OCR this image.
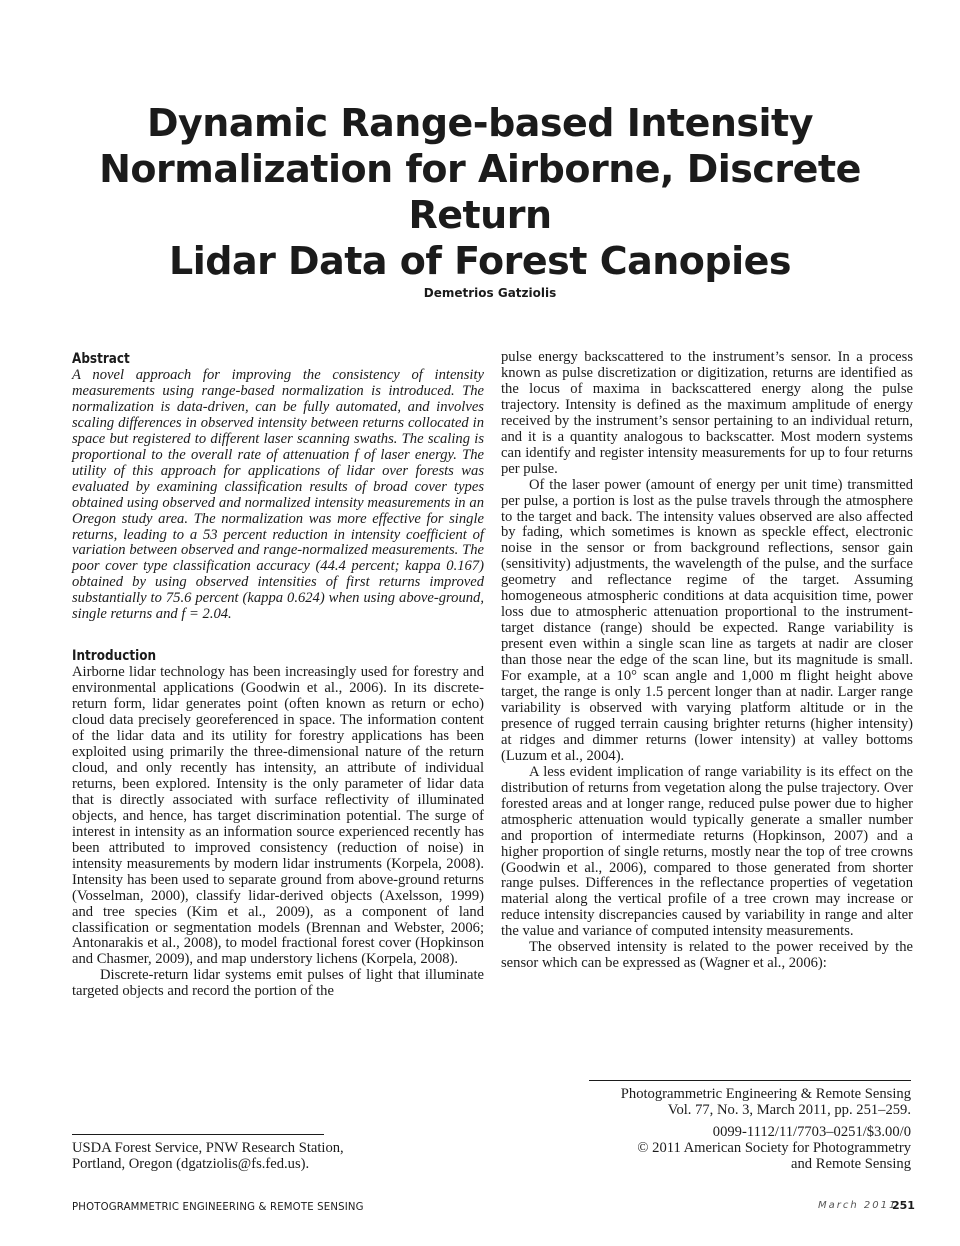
Dynamic Range-based Intensity
Normalization for Airborne, Discrete Return
Lidar Data of Forest Canopies

Demetrios Gatziolis

Abstract

A novel approach for improving the consistency of intensity measurements using range-based normalization is introduced. The normalization is data-driven, can be fully automated, and involves scaling differences in observed intensity between returns collocated in space but registered to different laser scanning swaths. The scaling is proportional to the overall rate of attenuation f of laser energy. The utility of this approach for applications of lidar over forests was evaluated by examining classification results of broad cover types obtained using observed and normalized intensity measurements in an Oregon study area. The normalization was more effective for single returns, leading to a 53 percent reduction in intensity coefficient of variation between observed and range-normalized measurements. The poor cover type classification accuracy (44.4 percent; kappa 0.167) obtained by using observed intensities of first returns improved substantially to 75.6 percent (kappa 0.624) when using above-ground, single returns and f = 2.04.

Introduction

Airborne lidar technology has been increasingly used for forestry and environmental applications (Goodwin et al., 2006). In its discrete-return form, lidar generates point (often known as return or echo) cloud data precisely georeferenced in space. The information content of the lidar data and its utility for forestry applications has been exploited using primarily the three-dimensional nature of the return cloud, and only recently has intensity, an attribute of individual returns, been explored. Intensity is the only parameter of lidar data that is directly associated with surface reflectivity of illuminated objects, and hence, has target discrimination potential. The surge of interest in intensity as an information source experienced recently has been attributed to improved consistency (reduction of noise) in intensity measurements by modern lidar instruments (Korpela, 2008). Intensity has been used to separate ground from above-ground returns (Vosselman, 2000), classify lidar-derived objects (Axelsson, 1999) and tree species (Kim et al., 2009), as a component of land classification or segmentation models (Brennan and Webster, 2006; Antonarakis et al., 2008), to model fractional forest cover (Hopkinson and Chasmer, 2009), and map understory lichens (Korpela, 2008).

Discrete-return lidar systems emit pulses of light that illuminate targeted objects and record the portion of the

pulse energy backscattered to the instrument’s sensor. In a process known as pulse discretization or digitization, returns are identified as the locus of maxima in backscattered energy along the pulse trajectory. Intensity is defined as the maximum amplitude of energy received by the instrument’s sensor pertaining to an individual return, and it is a quantity analogous to backscatter. Most modern systems can identify and register intensity measurements for up to four returns per pulse.

Of the laser power (amount of energy per unit time) transmitted per pulse, a portion is lost as the pulse travels through the atmosphere to the target and back. The intensity values observed are also affected by fading, which sometimes is known as speckle effect, electronic noise in the sensor or from background reflections, sensor gain (sensitivity) adjustments, the wavelength of the pulse, and the surface geometry and reflectance regime of the target. Assuming homogeneous atmospheric conditions at data acquisition time, power loss due to atmospheric attenuation proportional to the instrument-target distance (range) should be expected. Range variability is present even within a single scan line as targets at nadir are closer than those near the edge of the scan line, but its magnitude is small. For example, at a 10° scan angle and 1,000 m flight height above target, the range is only 1.5 percent longer than at nadir. Larger range variability is observed with varying platform altitude or in the presence of rugged terrain causing brighter returns (higher intensity) at ridges and dimmer returns (lower intensity) at valley bottoms (Luzum et al., 2004).

A less evident implication of range variability is its effect on the distribution of returns from vegetation along the pulse trajectory. Over forested areas and at longer range, reduced pulse power due to higher atmospheric attenuation would typically generate a smaller number and proportion of intermediate returns (Hopkinson, 2007) and a higher proportion of single returns, mostly near the top of tree crowns (Goodwin et al., 2006), compared to those generated from shorter range pulses. Differences in the reflectance properties of vegetation material along the vertical profile of a tree crown may increase or reduce intensity discrepancies caused by variability in range and alter the value and variance of computed intensity measurements.

The observed intensity is related to the power received by the sensor which can be expressed as (Wagner et al., 2006):

Photogrammetric Engineering & Remote Sensing
Vol. 77, No. 3, March 2011, pp. 251–259.
0099-1112/11/7703–0251/$3.00/0
© 2011 American Society for Photogrammetry
and Remote Sensing
USDA Forest Service, PNW Research Station,
Portland, Oregon (dgatziolis@fs.fed.us).

PHOTOGRAMMETRIC ENGINEERING & REMOTE SENSING	March 2011

251
